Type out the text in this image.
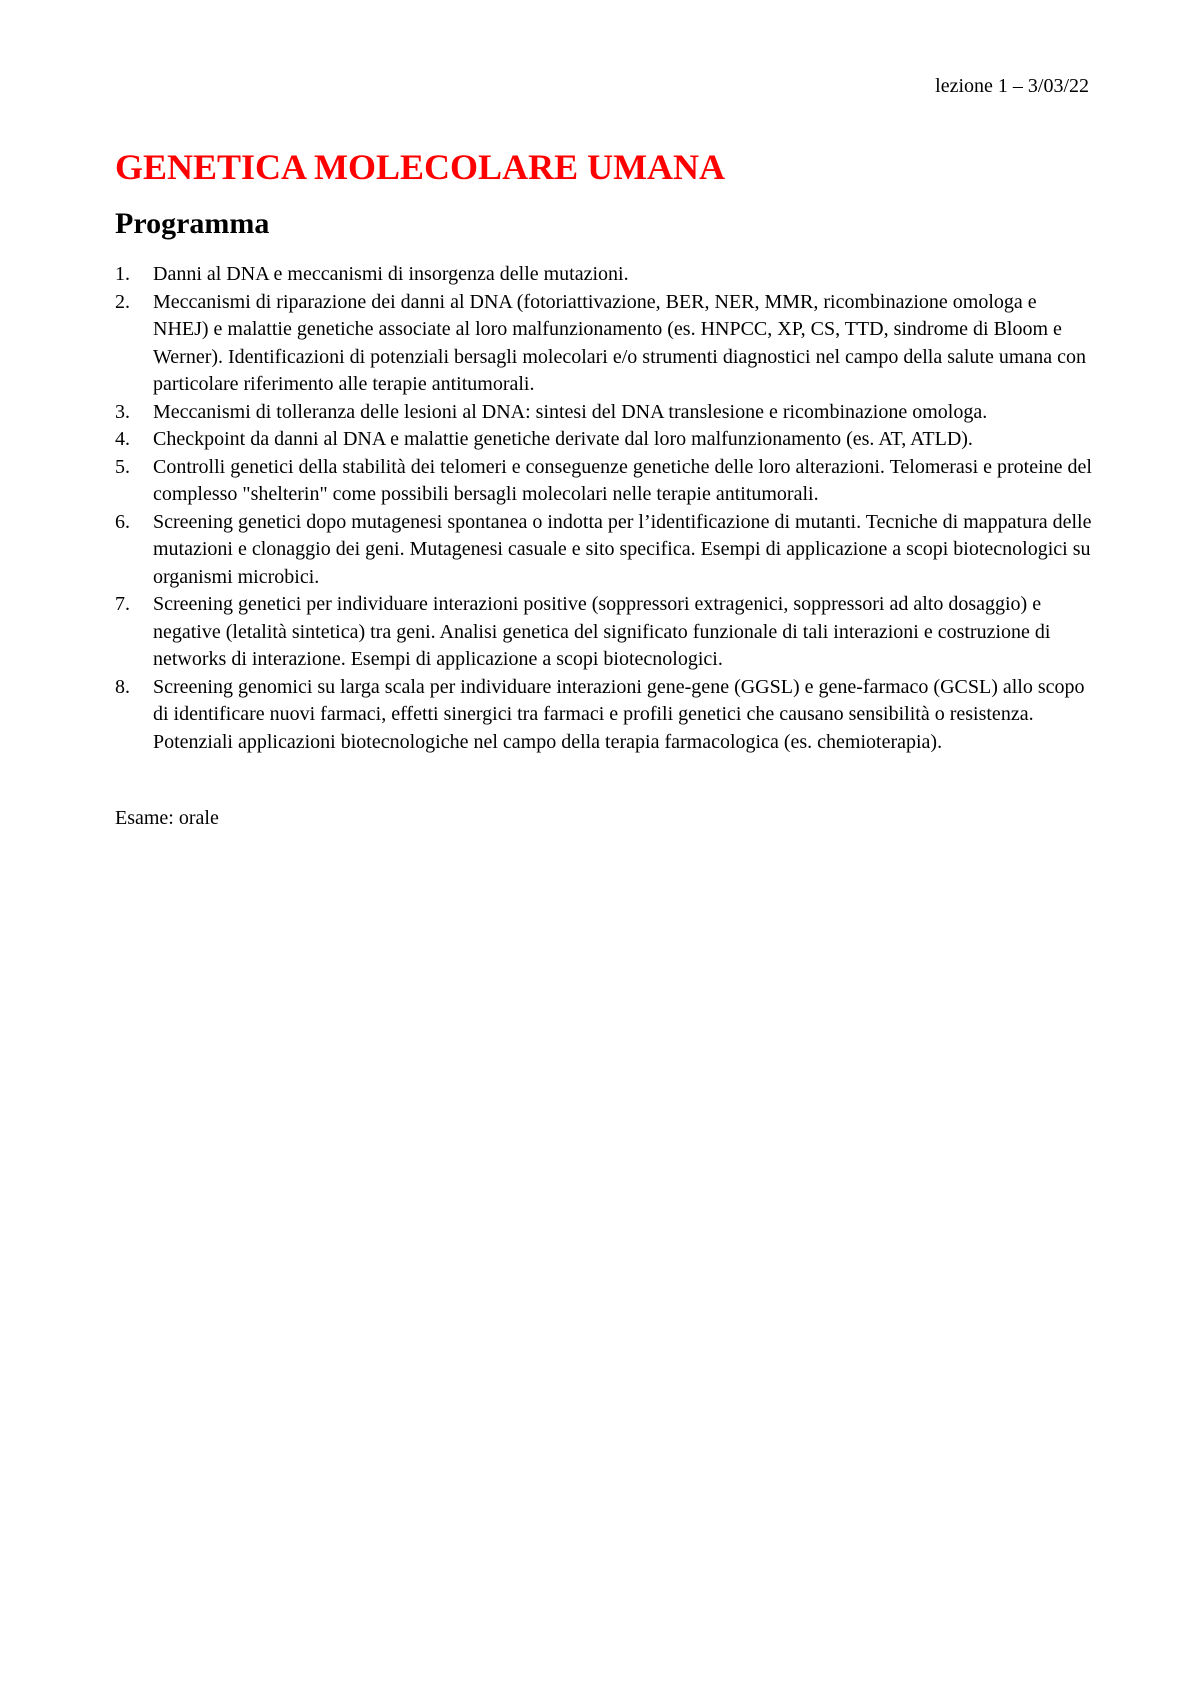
lezione 1 – 3/03/22
GENETICA MOLECOLARE UMANA
Programma
1. Danni al DNA e meccanismi di insorgenza delle mutazioni.
2. Meccanismi di riparazione dei danni al DNA (fotoriattivazione, BER, NER, MMR, ricombinazione omologa e NHEJ) e malattie genetiche associate al loro malfunzionamento (es. HNPCC, XP, CS, TTD, sindrome di Bloom e Werner). Identificazioni di potenziali bersagli molecolari e/o strumenti diagnostici nel campo della salute umana con particolare riferimento alle terapie antitumorali.
3. Meccanismi di tolleranza delle lesioni al DNA: sintesi del DNA translesione e ricombinazione omologa.
4. Checkpoint da danni al DNA e malattie genetiche derivate dal loro malfunzionamento (es. AT, ATLD).
5. Controlli genetici della stabilità dei telomeri e conseguenze genetiche delle loro alterazioni. Telomerasi e proteine del complesso "shelterin" come possibili bersagli molecolari nelle terapie antitumorali.
6. Screening genetici dopo mutagenesi spontanea o indotta per l’identificazione di mutanti. Tecniche di mappatura delle mutazioni e clonaggio dei geni. Mutagenesi casuale e sito specifica. Esempi di applicazione a scopi biotecnologici su organismi microbici.
7. Screening genetici per individuare interazioni positive (soppressori extragenici, soppressori ad alto dosaggio) e negative (letalità sintetica) tra geni. Analisi genetica del significato funzionale di tali interazioni e costruzione di networks di interazione. Esempi di applicazione a scopi biotecnologici.
8. Screening genomici su larga scala per individuare interazioni gene-gene (GGSL) e gene-farmaco (GCSL) allo scopo di identificare nuovi farmaci, effetti sinergici tra farmaci e profili genetici che causano sensibilità o resistenza. Potenziali applicazioni biotecnologiche nel campo della terapia farmacologica (es. chemioterapia).
Esame: orale
